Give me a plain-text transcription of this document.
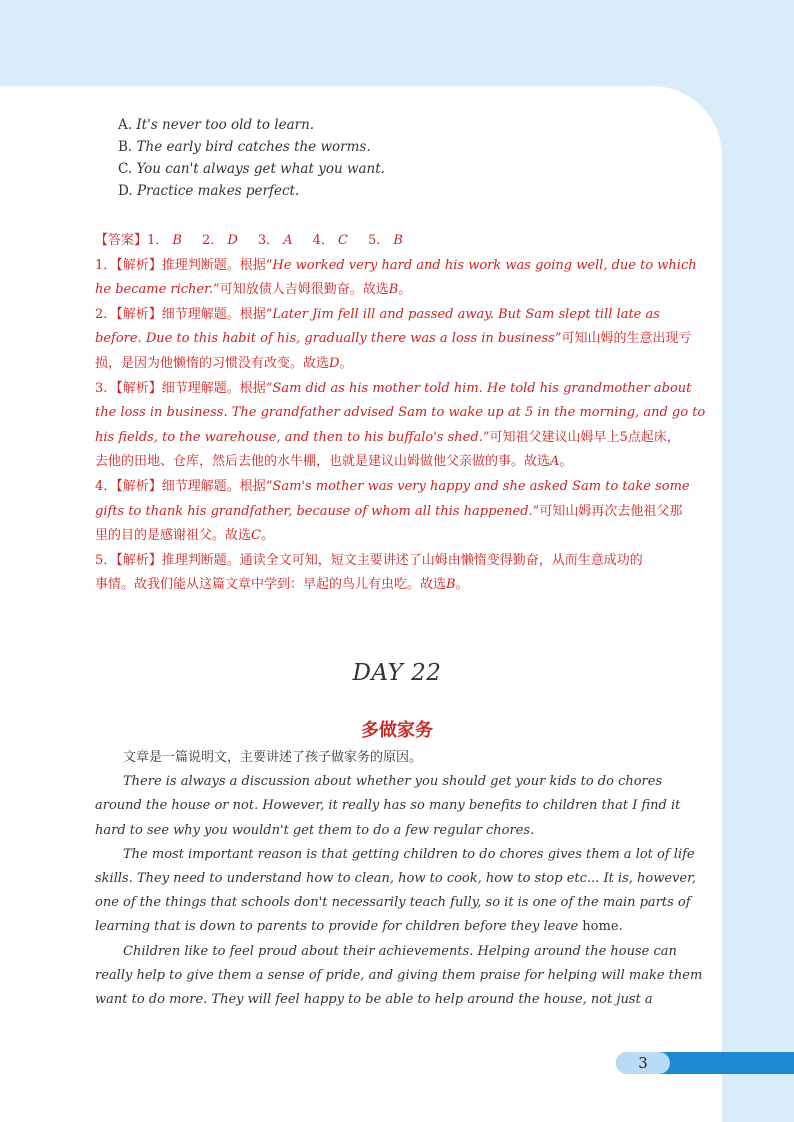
A. It's never too old to learn.
B. The early bird catches the worms.
C. You can't always get what you want.
D. Practice makes perfect.
【答案】1． B 2． D 3． A 4． C 5． B
1．【解析】推理判断题。根据“He worked very hard and his work was going well, due to which
he became richer.”可知放债人吉姆很勤奋。故选B。
2．【解析】细节理解题。根据“Later Jim fell ill and passed away. But Sam slept till late as
before. Due to this habit of his, gradually there was a loss in business”可知山姆的生意出现亏
损，是因为他懒惰的习惯没有改变。故选D。
3．【解析】细节理解题。根据“Sam did as his mother told him. He told his grandmother about
the loss in business. The grandfather advised Sam to wake up at 5 in the morning, and go to
his fields, to the warehouse, and then to his buffalo's shed.”可知祖父建议山姆早上5点起床，
去他的田地、仓库，然后去他的水牛棚，也就是建议山姆做他父亲做的事。故选A。
4．【解析】细节理解题。根据“Sam's mother was very happy and she asked Sam to take some
gifts to thank his grandfather, because of whom all this happened.”可知山姆再次去他祖父那
里的目的是感谢祖父。故选C。
5．【解析】推理判断题。通读全文可知，短文主要讲述了山姆由懒惰变得勤奋，从而生意成功的
事情。故我们能从这篇文章中学到：早起的鸟儿有虫吃。故选B。
DAY 22
多做家务
文章是一篇说明文，主要讲述了孩子做家务的原因。
There is always a discussion about whether you should get your kids to do chores
around the house or not. However, it really has so many benefits to children that I find it
hard to see why you wouldn't get them to do a few regular chores.
The most important reason is that getting children to do chores gives them a lot of life
skills. They need to understand how to clean, how to cook, how to stop etc... It is, however,
one of the things that schools don't necessarily teach fully, so it is one of the main parts of
learning that is down to parents to provide for children before they leave home.
Children like to feel proud about their achievements. Helping around the house can
really help to give them a sense of pride, and giving them praise for helping will make them
want to do more. They will feel happy to be able to help around the house, not just a
3
